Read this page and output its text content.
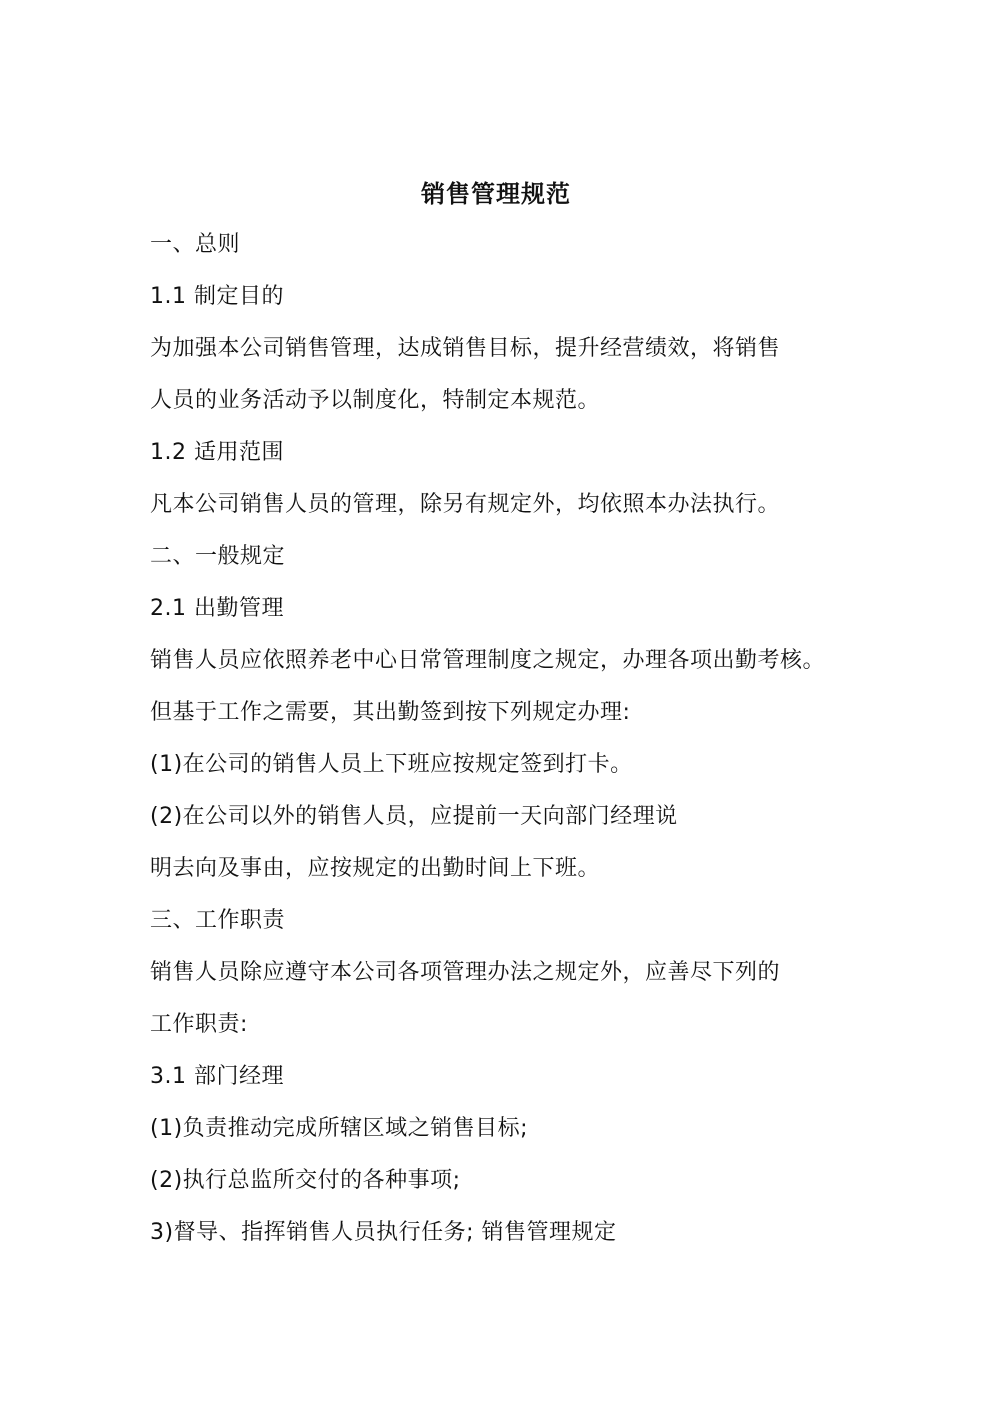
销售管理规范
一、总则
1.1 制定目的
为加强本公司销售管理，达成销售目标，提升经营绩效，将销售
人员的业务活动予以制度化，特制定本规范。
1.2 适用范围
凡本公司销售人员的管理，除另有规定外，均依照本办法执行。
二、一般规定
2.1 出勤管理
销售人员应依照养老中心日常管理制度之规定，办理各项出勤考核。
但基于工作之需要，其出勤签到按下列规定办理:
(1)在公司的销售人员上下班应按规定签到打卡。
(2)在公司以外的销售人员，应提前一天向部门经理说
明去向及事由，应按规定的出勤时间上下班。
三、工作职责
销售人员除应遵守本公司各项管理办法之规定外，应善尽下列的
工作职责:
3.1 部门经理
(1)负责推动完成所辖区域之销售目标;
(2)执行总监所交付的各种事项;
3)督导、指挥销售人员执行任务; 销售管理规定
